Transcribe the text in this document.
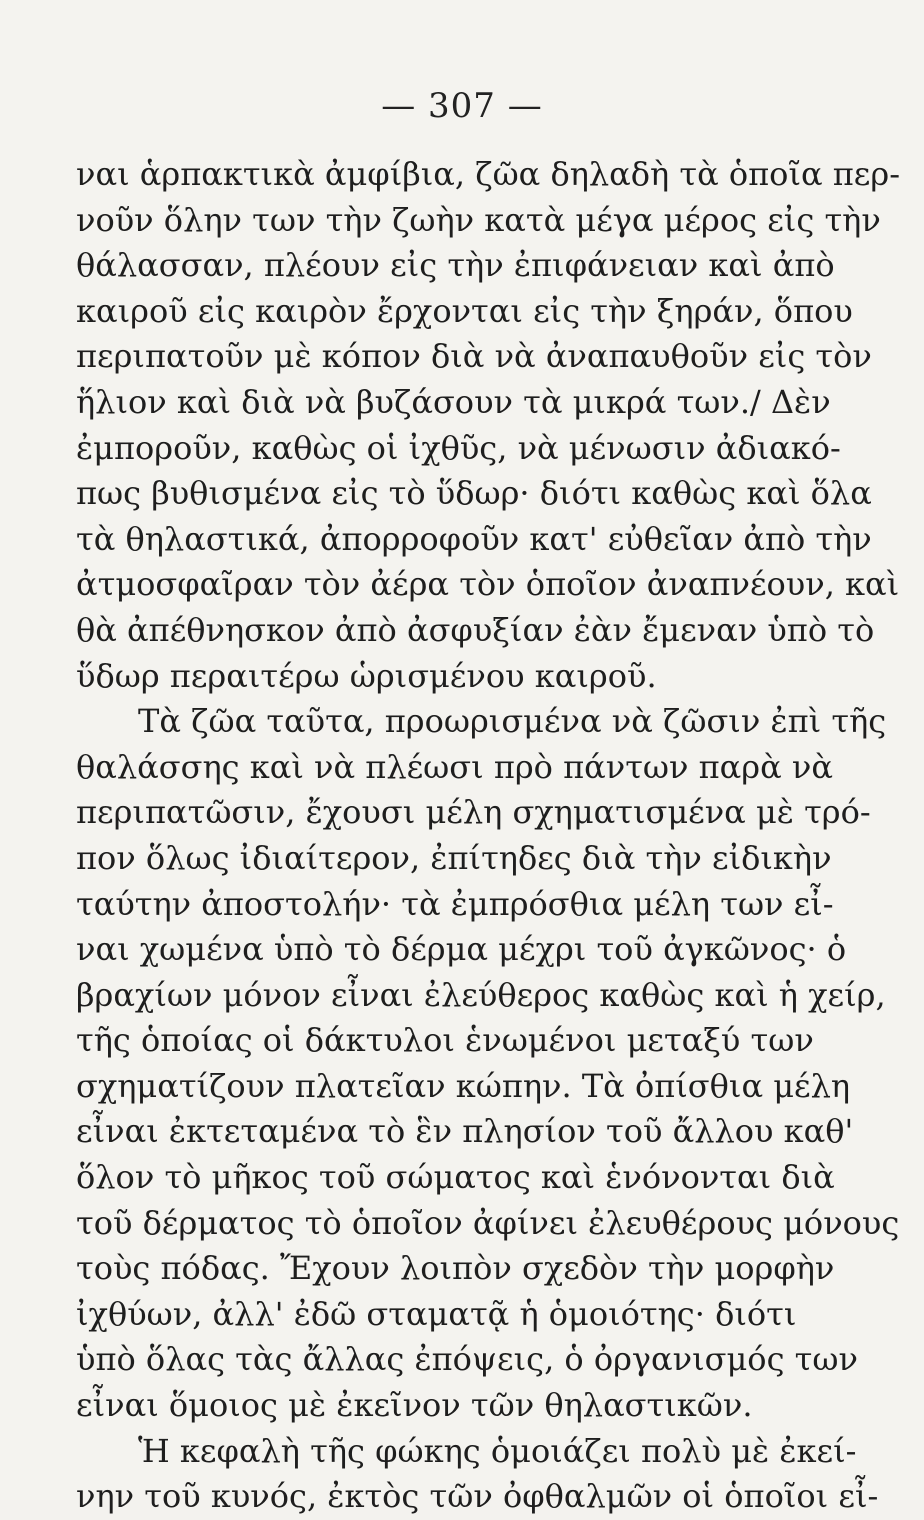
— 307 —
ναι ἁρπακτικὰ ἀμφίβια, ζῶα δηλαδὴ τὰ ὁποῖα περ-
νοῦν ὅλην των τὴν ζωὴν κατὰ μέγα μέρος εἰς τὴν
θάλασσαν, πλέουν εἰς τὴν ἐπιφάνειαν καὶ ἀπὸ
καιροῦ εἰς καιρὸν ἔρχονται εἰς τὴν ξηράν, ὅπου
περιπατοῦν μὲ κόπον διὰ νὰ ἀναπαυθοῦν εἰς τὸν
ἥλιον καὶ διὰ νὰ βυζάσουν τὰ μικρά των./ Δὲν
ἐμποροῦν, καθὼς οἱ ἰχθῦς, νὰ μένωσιν ἀδιακό-
πως βυθισμένα εἰς τὸ ὕδωρ· διότι καθὼς καὶ ὅλα
τὰ θηλαστικά, ἀπορροφοῦν κατ' εὐθεῖαν ἀπὸ τὴν
ἀτμοσφαῖραν τὸν ἀέρα τὸν ὁποῖον ἀναπνέουν, καὶ
θὰ ἀπέθνησκον ἀπὸ ἀσφυξίαν ἐὰν ἔμεναν ὑπὸ τὸ
ὕδωρ περαιτέρω ὡρισμένου καιροῦ.
Τὰ ζῶα ταῦτα, προωρισμένα νὰ ζῶσιν ἐπὶ τῆς
θαλάσσης καὶ νὰ πλέωσι πρὸ πάντων παρὰ νὰ
περιπατῶσιν, ἔχουσι μέλη σχηματισμένα μὲ τρό-
πον ὅλως ἰδιαίτερον, ἐπίτηδες διὰ τὴν εἰδικὴν
ταύτην ἀποστολήν· τὰ ἐμπρόσθια μέλη των εἶ-
ναι χωμένα ὑπὸ τὸ δέρμα μέχρι τοῦ ἀγκῶνος· ὁ
βραχίων μόνον εἶναι ἐλεύθερος καθὼς καὶ ἡ χείρ,
τῆς ὁποίας οἱ δάκτυλοι ἑνωμένοι μεταξύ των
σχηματίζουν πλατεῖαν κώπην. Τὰ ὀπίσθια μέλη
εἶναι ἐκτεταμένα τὸ ἓν πλησίον τοῦ ἄλλου καθ'
ὅλον τὸ μῆκος τοῦ σώματος καὶ ἑνόνονται διὰ
τοῦ δέρματος τὸ ὁποῖον ἀφίνει ἐλευθέρους μόνους
τοὺς πόδας. Ἔχουν λοιπὸν σχεδὸν τὴν μορφὴν
ἰχθύων, ἀλλ' ἐδῶ σταματᾷ ἡ ὁμοιότης· διότι
ὑπὸ ὅλας τὰς ἄλλας ἐπόψεις, ὁ ὀργανισμός των
εἶναι ὅμοιος μὲ ἐκεῖνον τῶν θηλαστικῶν.
Ἡ κεφαλὴ τῆς φώκης ὁμοιάζει πολὺ μὲ ἐκεί-
νην τοῦ κυνός, ἐκτὸς τῶν ὀφθαλμῶν οἱ ὁποῖοι εἶ-
